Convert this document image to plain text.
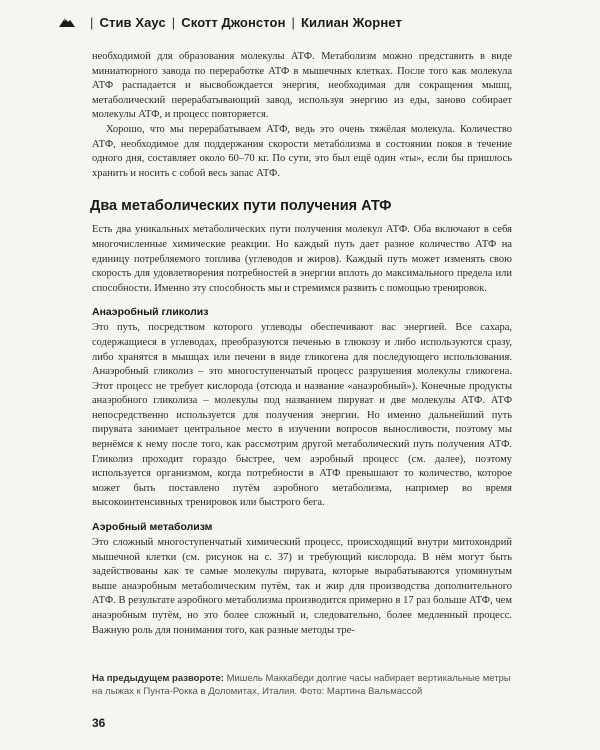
| Стив Хаус | Скотт Джонстон | Килиан Жорнет

необходимой для образования молекулы АТФ. Метаболизм можно представить в виде миниатюрного завода по переработке АТФ в мышечных клетках. После того как молекула АТФ распадается и высвобождается энергия, необходимая для сокращения мышц, метаболический перерабатывающий завод, используя энергию из еды, заново собирает молекулы АТФ, и процесс повторяется.

Хорошо, что мы перерабатываем АТФ, ведь это очень тяжёлая молекула. Количество АТФ, необходимое для поддержания скорости метаболизма в состоянии покоя в течение одного дня, составляет около 60–70 кг. По сути, это был ещё один «ты», если бы пришлось хранить и носить с собой весь запас АТФ.

Два метаболических пути получения АТФ

Есть два уникальных метаболических пути получения молекул АТФ. Оба включают в себя многочисленные химические реакции. Но каждый путь дает разное количество АТФ на единицу потребляемого топлива (углеводов и жиров). Каждый путь может изменять свою скорость для удовлетворения потребностей в энергии вплоть до максимального предела или способности. Именно эту способность мы и стремимся развить с помощью тренировок.

Анаэробный гликолиз

Это путь, посредством которого углеводы обеспечивают вас энергией. Все сахара, содержащиеся в углеводах, преобразуются печенью в глюкозу и либо используются сразу, либо хранятся в мышцах или печени в виде гликогена для последующего использования. Анаэробный гликолиз – это многоступенчатый процесс разрушения молекулы гликогена. Этот процесс не требует кислорода (отсюда и название «анаэробный»). Конечные продукты анаэробного гликолиза – молекулы под названием пируват и две молекулы АТФ. АТФ непосредственно используется для получения энергии. Но именно дальнейший путь пирувата занимает центральное место в изучении вопросов выносливости, поэтому мы вернёмся к нему после того, как рассмотрим другой метаболический путь получения АТФ. Гликолиз проходит гораздо быстрее, чем аэробный процесс (см. далее), поэтому используется организмом, когда потребности в АТФ превышают то количество, которое может быть поставлено путём аэробного метаболизма, например во время высокоинтенсивных тренировок или быстрого бега.

Аэробный метаболизм

Это сложный многоступенчатый химический процесс, происходящий внутри митохондрий мышечной клетки (см. рисунок на с. 37) и требующий кислорода. В нём могут быть задействованы как те самые молекулы пирувата, которые вырабатываются упомянутым выше анаэробным метаболическим путём, так и жир для производства дополнительного АТФ. В результате аэробного метаболизма производится примерно в 17 раз больше АТФ, чем анаэробным путём, но это более сложный и, следовательно, более медленный процесс. Важную роль для понимания того, как разные методы тре-

На предыдущем развороте: Мишель Маккабеди долгие часы набирает вертикальные метры на лыжах к Пунта-Рокка в Доломитах, Италия. Фото: Мартина Вальмассой
36
